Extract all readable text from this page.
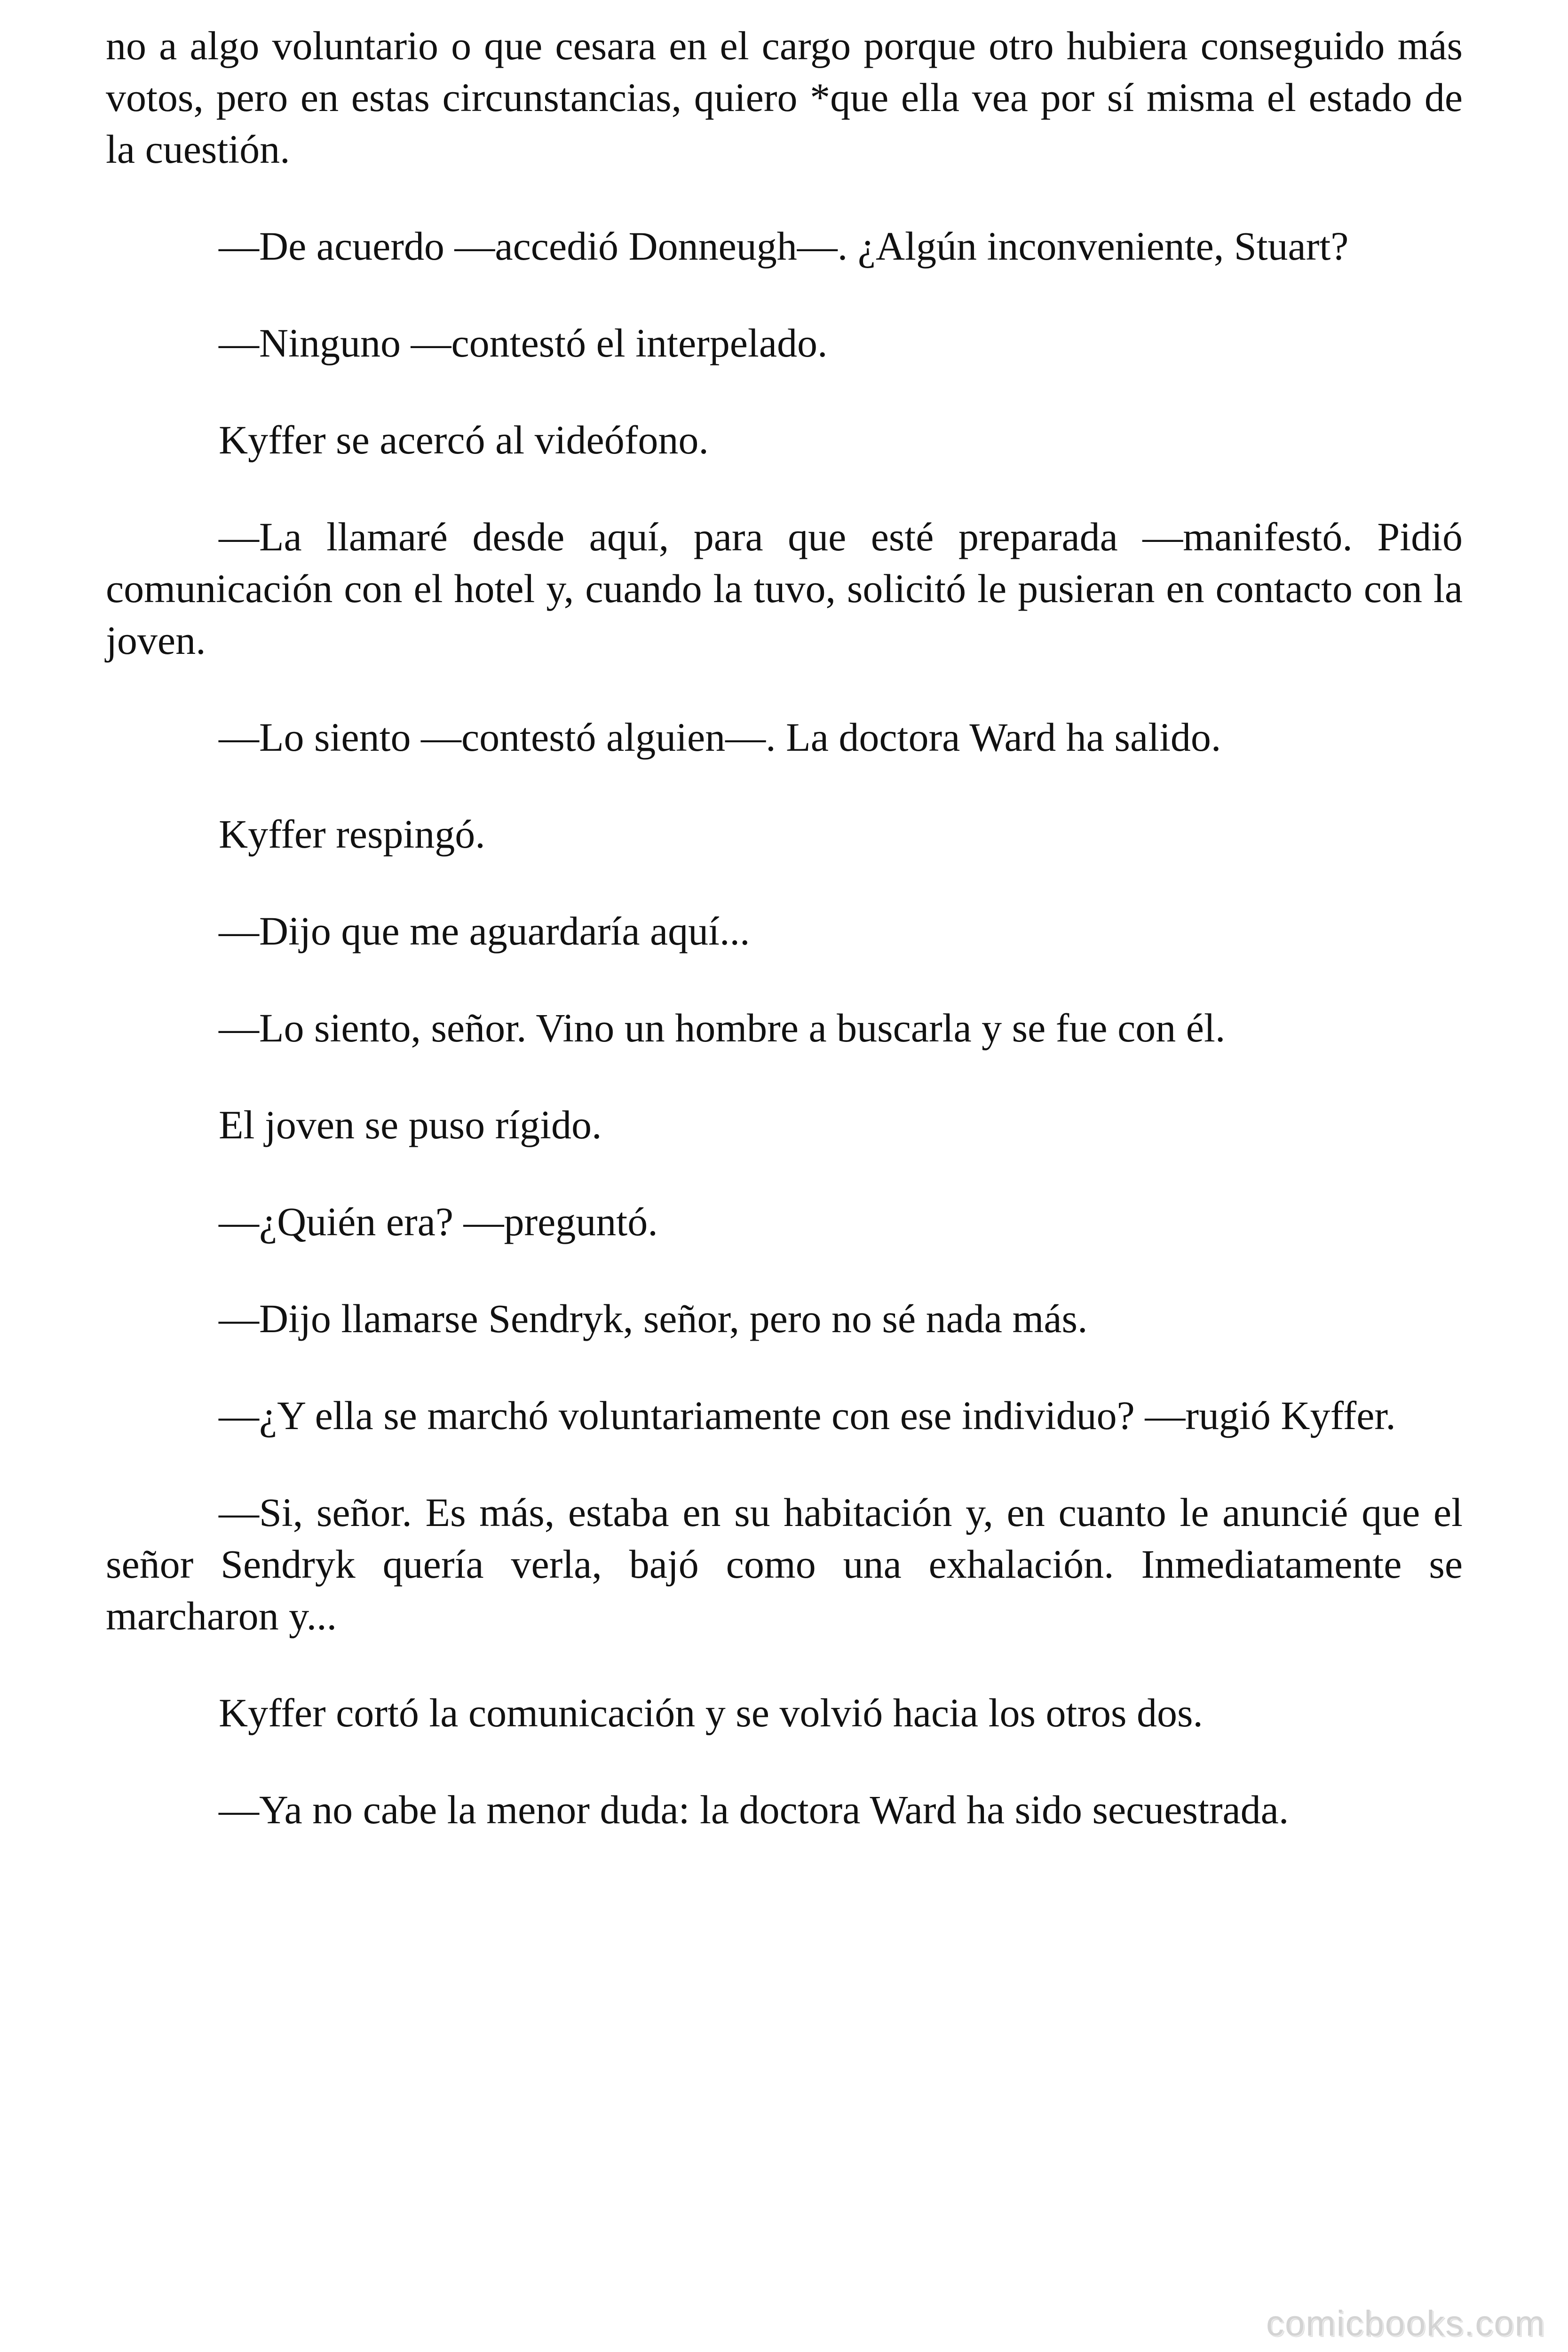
no a algo voluntario o que cesara en el cargo porque otro hubiera conseguido más votos, pero en estas circunstancias, quiero *que ella vea por sí misma el estado de la cuestión.

—De acuerdo —accedió Donneugh—. ¿Algún inconveniente, Stuart?

—Ninguno —contestó el interpelado.

Kyffer se acercó al videófono.

—La llamaré desde aquí, para que esté preparada —manifestó. Pidió comunicación con el hotel y, cuando la tuvo, solicitó le pusieran en contacto con la joven.

—Lo siento —contestó alguien—. La doctora Ward ha salido.

Kyffer respingó.

—Dijo que me aguardaría aquí...

—Lo siento, señor. Vino un hombre a buscarla y se fue con él.

El joven se puso rígido.

—¿Quién era? —preguntó.

—Dijo llamarse Sendryk, señor, pero no sé nada más.

—¿Y ella se marchó voluntariamente con ese individuo? —rugió Kyffer.

—Si, señor. Es más, estaba en su habitación y, en cuanto le anuncié que el señor Sendryk quería verla, bajó como una exhalación. Inmediatamente se marcharon y...

Kyffer cortó la comunicación y se volvió hacia los otros dos.

—Ya no cabe la menor duda: la doctora Ward ha sido secuestrada.

comicbooks.com
